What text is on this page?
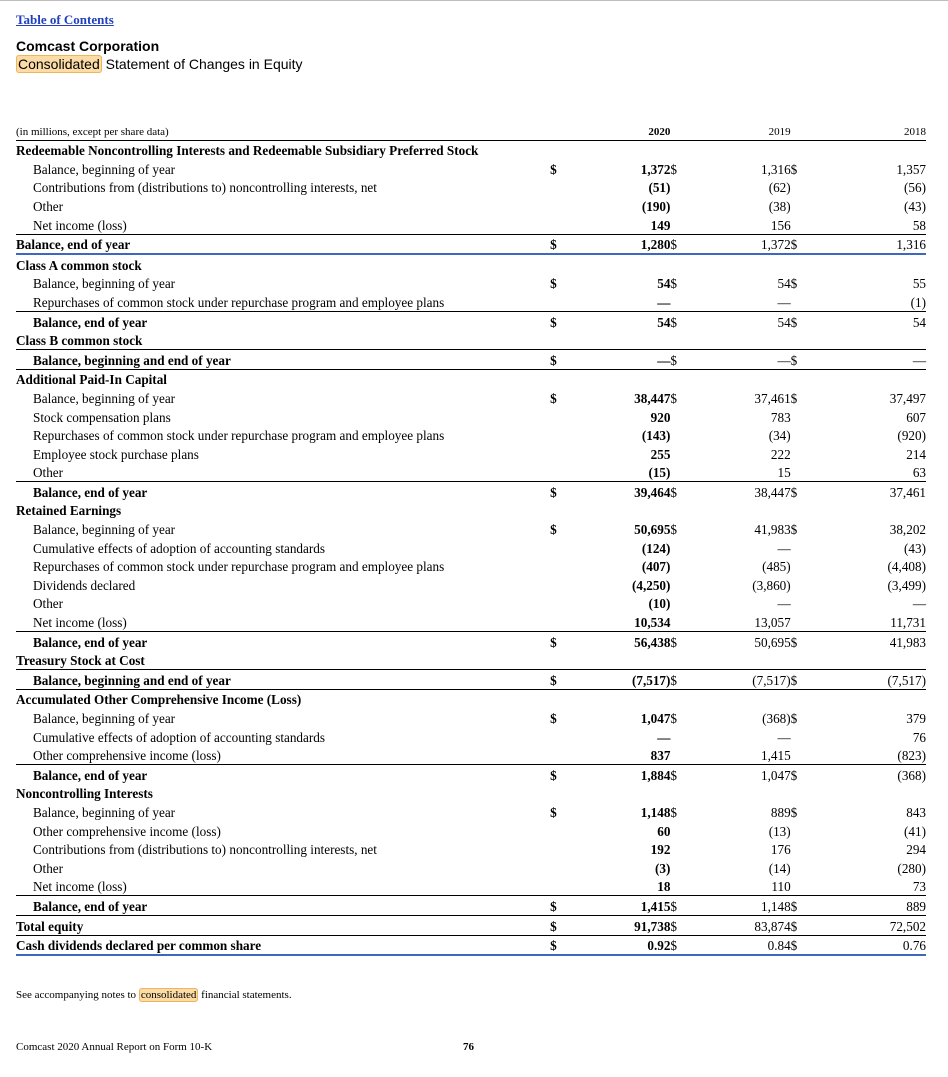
Table of Contents
Comcast Corporation
Consolidated Statement of Changes in Equity
(in millions, except per share data)		2020		2019		2018
Redeemable Noncontrolling Interests and Redeemable Subsidiary Preferred Stock						
Balance, beginning of year	$	1,372	$	1,316	$	1,357
Contributions from (distributions to) noncontrolling interests, net		(51)		(62)		(56)
Other		(190)		(38)		(43)
Net income (loss)		149		156		58
Balance, end of year	$	1,280	$	1,372	$	1,316
Class A common stock						
Balance, beginning of year	$	54	$	54	$	55
Repurchases of common stock under repurchase program and employee plans		—		—		(1)
Balance, end of year	$	54	$	54	$	54
Class B common stock						
Balance, beginning and end of year	$	—	$	—	$	—
Additional Paid-In Capital						
Balance, beginning of year	$	38,447	$	37,461	$	37,497
Stock compensation plans		920		783		607
Repurchases of common stock under repurchase program and employee plans		(143)		(34)		(920)
Employee stock purchase plans		255		222		214
Other		(15)		15		63
Balance, end of year	$	39,464	$	38,447	$	37,461
Retained Earnings						
Balance, beginning of year	$	50,695	$	41,983	$	38,202
Cumulative effects of adoption of accounting standards		(124)		—		(43)
Repurchases of common stock under repurchase program and employee plans		(407)		(485)		(4,408)
Dividends declared		(4,250)		(3,860)		(3,499)
Other		(10)		—		—
Net income (loss)		10,534		13,057		11,731
Balance, end of year	$	56,438	$	50,695	$	41,983
Treasury Stock at Cost						
Balance, beginning and end of year	$	(7,517)	$	(7,517)	$	(7,517)
Accumulated Other Comprehensive Income (Loss)						
Balance, beginning of year	$	1,047	$	(368)	$	379
Cumulative effects of adoption of accounting standards		—		—		76
Other comprehensive income (loss)		837		1,415		(823)
Balance, end of year	$	1,884	$	1,047	$	(368)
Noncontrolling Interests						
Balance, beginning of year	$	1,148	$	889	$	843
Other comprehensive income (loss)		60		(13)		(41)
Contributions from (distributions to) noncontrolling interests, net		192		176		294
Other		(3)		(14)		(280)
Net income (loss)		18		110		73
Balance, end of year	$	1,415	$	1,148	$	889
Total equity	$	91,738	$	83,874	$	72,502
Cash dividends declared per common share	$	0.92	$	0.84	$	0.76
See accompanying notes to consolidated financial statements.
Comcast 2020 Annual Report on Form 10-K	76
